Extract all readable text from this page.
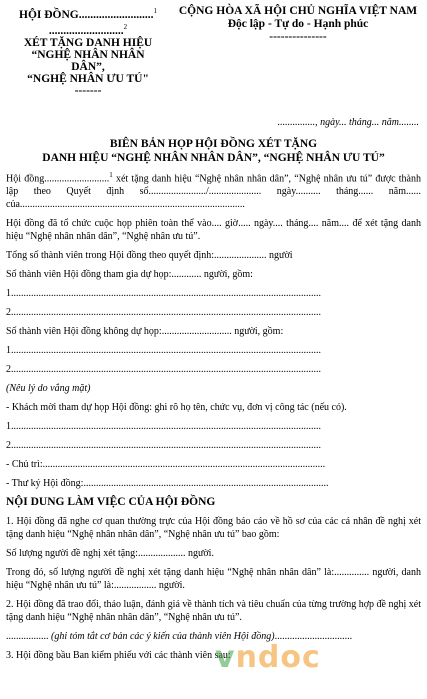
HỘI ĐỒNG..........................$^1$
..........................$^2$
XÉT TẶNG DANH HIỆU
“NGHỆ NHÂN NHÂN
DÂN”,
“NGHỆ NHÂN ƯU TÚ"
-------
CỘNG HÒA XÃ HỘI CHỦ NGHĨA VIỆT NAM
Độc lập - Tự do - Hạnh phúc
---------------
..............., ngày... tháng... năm........
BIÊN BẢN HỌP HỘI ĐỒNG XÉT TẶNG
DANH HIỆU “NGHỆ NHÂN NHÂN DÂN”, “NGHỆ NHÂN ƯU TÚ”

Hội đồng..........................$^1$ xét tặng danh hiệu “Nghệ nhân nhân dân”, “Nghệ nhân ưu tú” được thành lập theo Quyết định số......................./..................... ngày.......... tháng...... năm...... của..........................................................................................

Hội đồng đã tổ chức cuộc họp phiên toàn thể vào.... giờ..... ngày.... tháng.... năm.... để xét tặng danh hiệu “Nghệ nhân nhân dân”, “Nghệ nhân ưu tú”.

Tổng số thành viên trong Hội đồng theo quyết định:..................... người

Số thành viên Hội đồng tham gia dự họp:............ người, gồm:

1............................................................................................................................

2............................................................................................................................

Số thành viên Hội đồng không dự họp:............................ người, gồm:

1............................................................................................................................

2............................................................................................................................

(Nêu lý do vắng mặt)

- Khách mời tham dự họp Hội đồng: ghi rõ họ tên, chức vụ, đơn vị công tác (nếu có).

1............................................................................................................................

2............................................................................................................................

- Chủ trì:.................................................................................................................

- Thư ký Hội đồng:..................................................................................................

NỘI DUNG LÀM VIỆC CỦA HỘI ĐỒNG

1. Hội đồng đã nghe cơ quan thường trực của Hội đồng báo cáo về hồ sơ của các cá nhân đề nghị xét tặng danh hiệu “Nghệ nhân nhân dân”, “Nghệ nhân ưu tú” bao gồm:

Số lượng người đề nghị xét tặng:................... người.

Trong đó, số lượng người đề nghị xét tặng danh hiệu “Nghệ nhân nhân dân” là:.............. người, danh hiệu “Nghệ nhân ưu tú” là:................. người.

2. Hội đồng đã trao đổi, thảo luận, đánh giá về thành tích và tiêu chuẩn của từng trường hợp đề nghị xét tặng danh hiệu “Nghệ nhân nhân dân”, “Nghệ nhân ưu tú”.

................. (ghi tóm tắt cơ bản các ý kiến của thành viên Hội đồng)...............................

3. Hội đồng bầu Ban kiểm phiếu với các thành viên sau:

vndoc
